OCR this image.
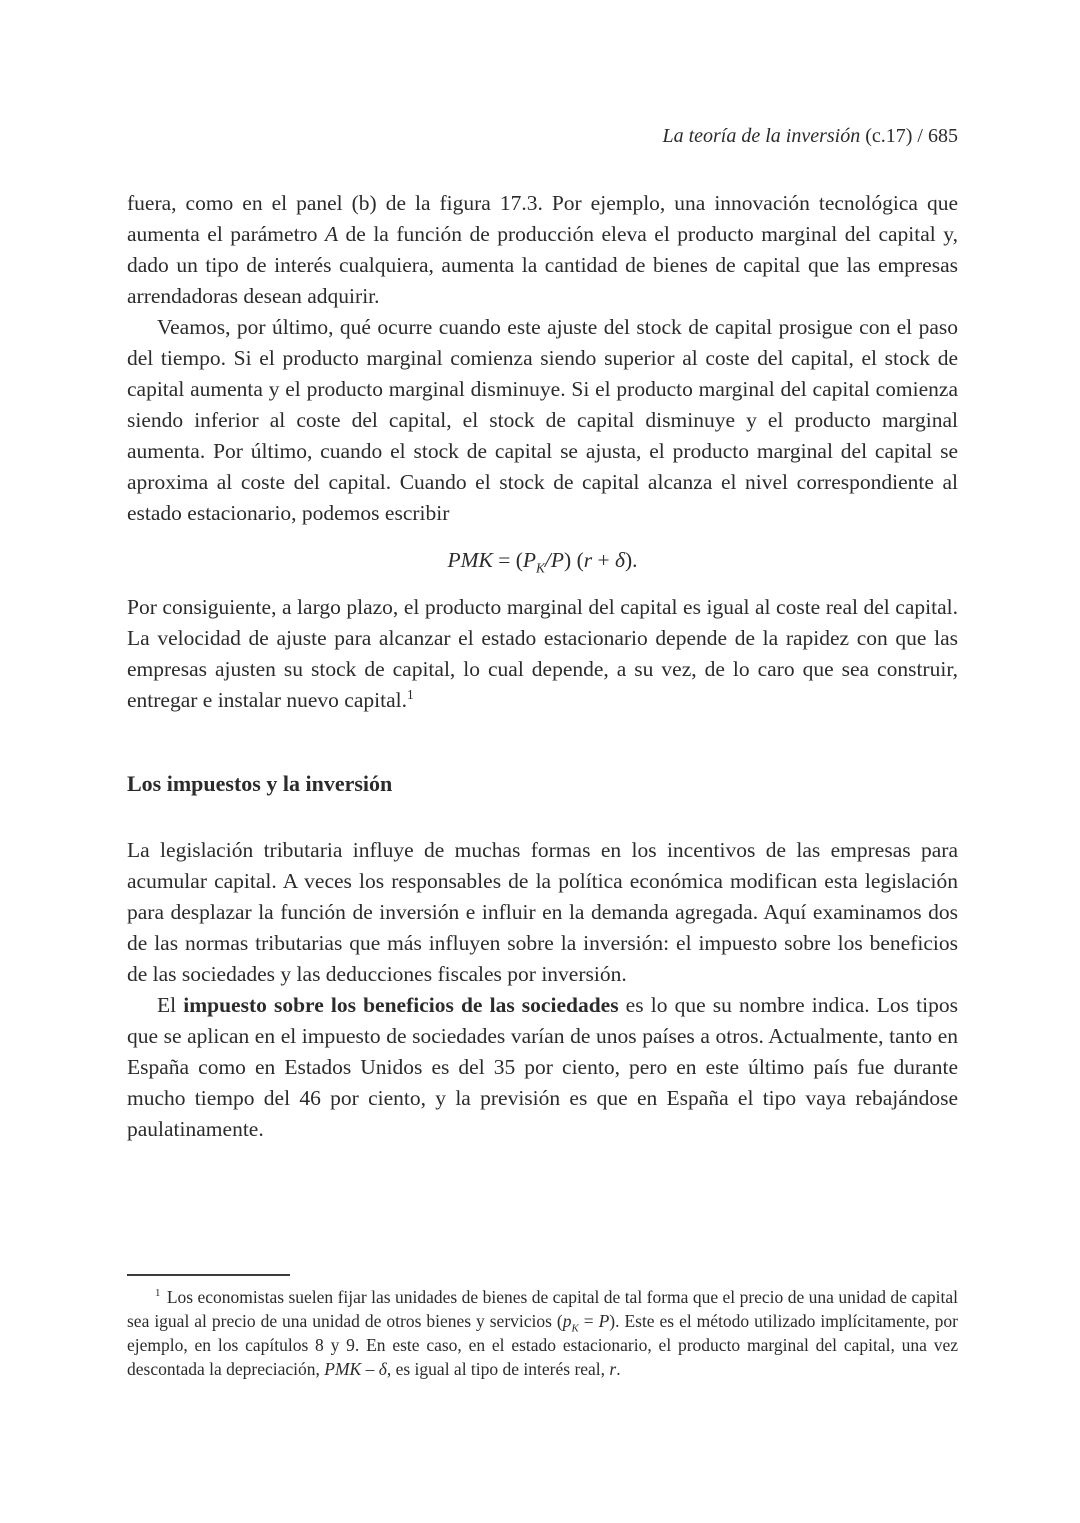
La teoría de la inversión (c.17) / 685

fuera, como en el panel (b) de la figura 17.3. Por ejemplo, una innovación tecnológica que aumenta el parámetro A de la función de producción eleva el producto marginal del capital y, dado un tipo de interés cualquiera, aumenta la cantidad de bienes de capital que las empresas arrendadoras desean adquirir.

Veamos, por último, qué ocurre cuando este ajuste del stock de capital prosigue con el paso del tiempo. Si el producto marginal comienza siendo superior al coste del capital, el stock de capital aumenta y el producto marginal disminuye. Si el producto marginal del capital comienza siendo inferior al coste del capital, el stock de capital disminuye y el producto marginal aumenta. Por último, cuando el stock de capital se ajusta, el producto marginal del capital se aproxima al coste del capital. Cuando el stock de capital alcanza el nivel correspondiente al estado estacionario, podemos escribir

PMK = $(P_K/P) (r + \delta)$.

Por consiguiente, a largo plazo, el producto marginal del capital es igual al coste real del capital. La velocidad de ajuste para alcanzar el estado estacionario depende de la rapidez con que las empresas ajusten su stock de capital, lo cual depende, a su vez, de lo caro que sea construir, entregar e instalar nuevo capital.$^1$

Los impuestos y la inversión

La legislación tributaria influye de muchas formas en los incentivos de las empresas para acumular capital. A veces los responsables de la política económica modifican esta legislación para desplazar la función de inversión e influir en la demanda agregada. Aquí examinamos dos de las normas tributarias que más influyen sobre la inversión: el impuesto sobre los beneficios de las sociedades y las deducciones fiscales por inversión.

El impuesto sobre los beneficios de las sociedades es lo que su nombre indica. Los tipos que se aplican en el impuesto de sociedades varían de unos países a otros. Actualmente, tanto en España como en Estados Unidos es del 35 por ciento, pero en este último país fue durante mucho tiempo del 46 por ciento, y la previsión es que en España el tipo vaya rebajándose paulatinamente.

$^1$ Los economistas suelen fijar las unidades de bienes de capital de tal forma que el precio de una unidad de capital sea igual al precio de una unidad de otros bienes y servicios $(p_K = P)$. Este es el método utilizado implícitamente, por ejemplo, en los capítulos 8 y 9. En este caso, en el estado estacionario, el producto marginal del capital, una vez descontada la depreciación, PMK – δ, es igual al tipo de interés real, r.
